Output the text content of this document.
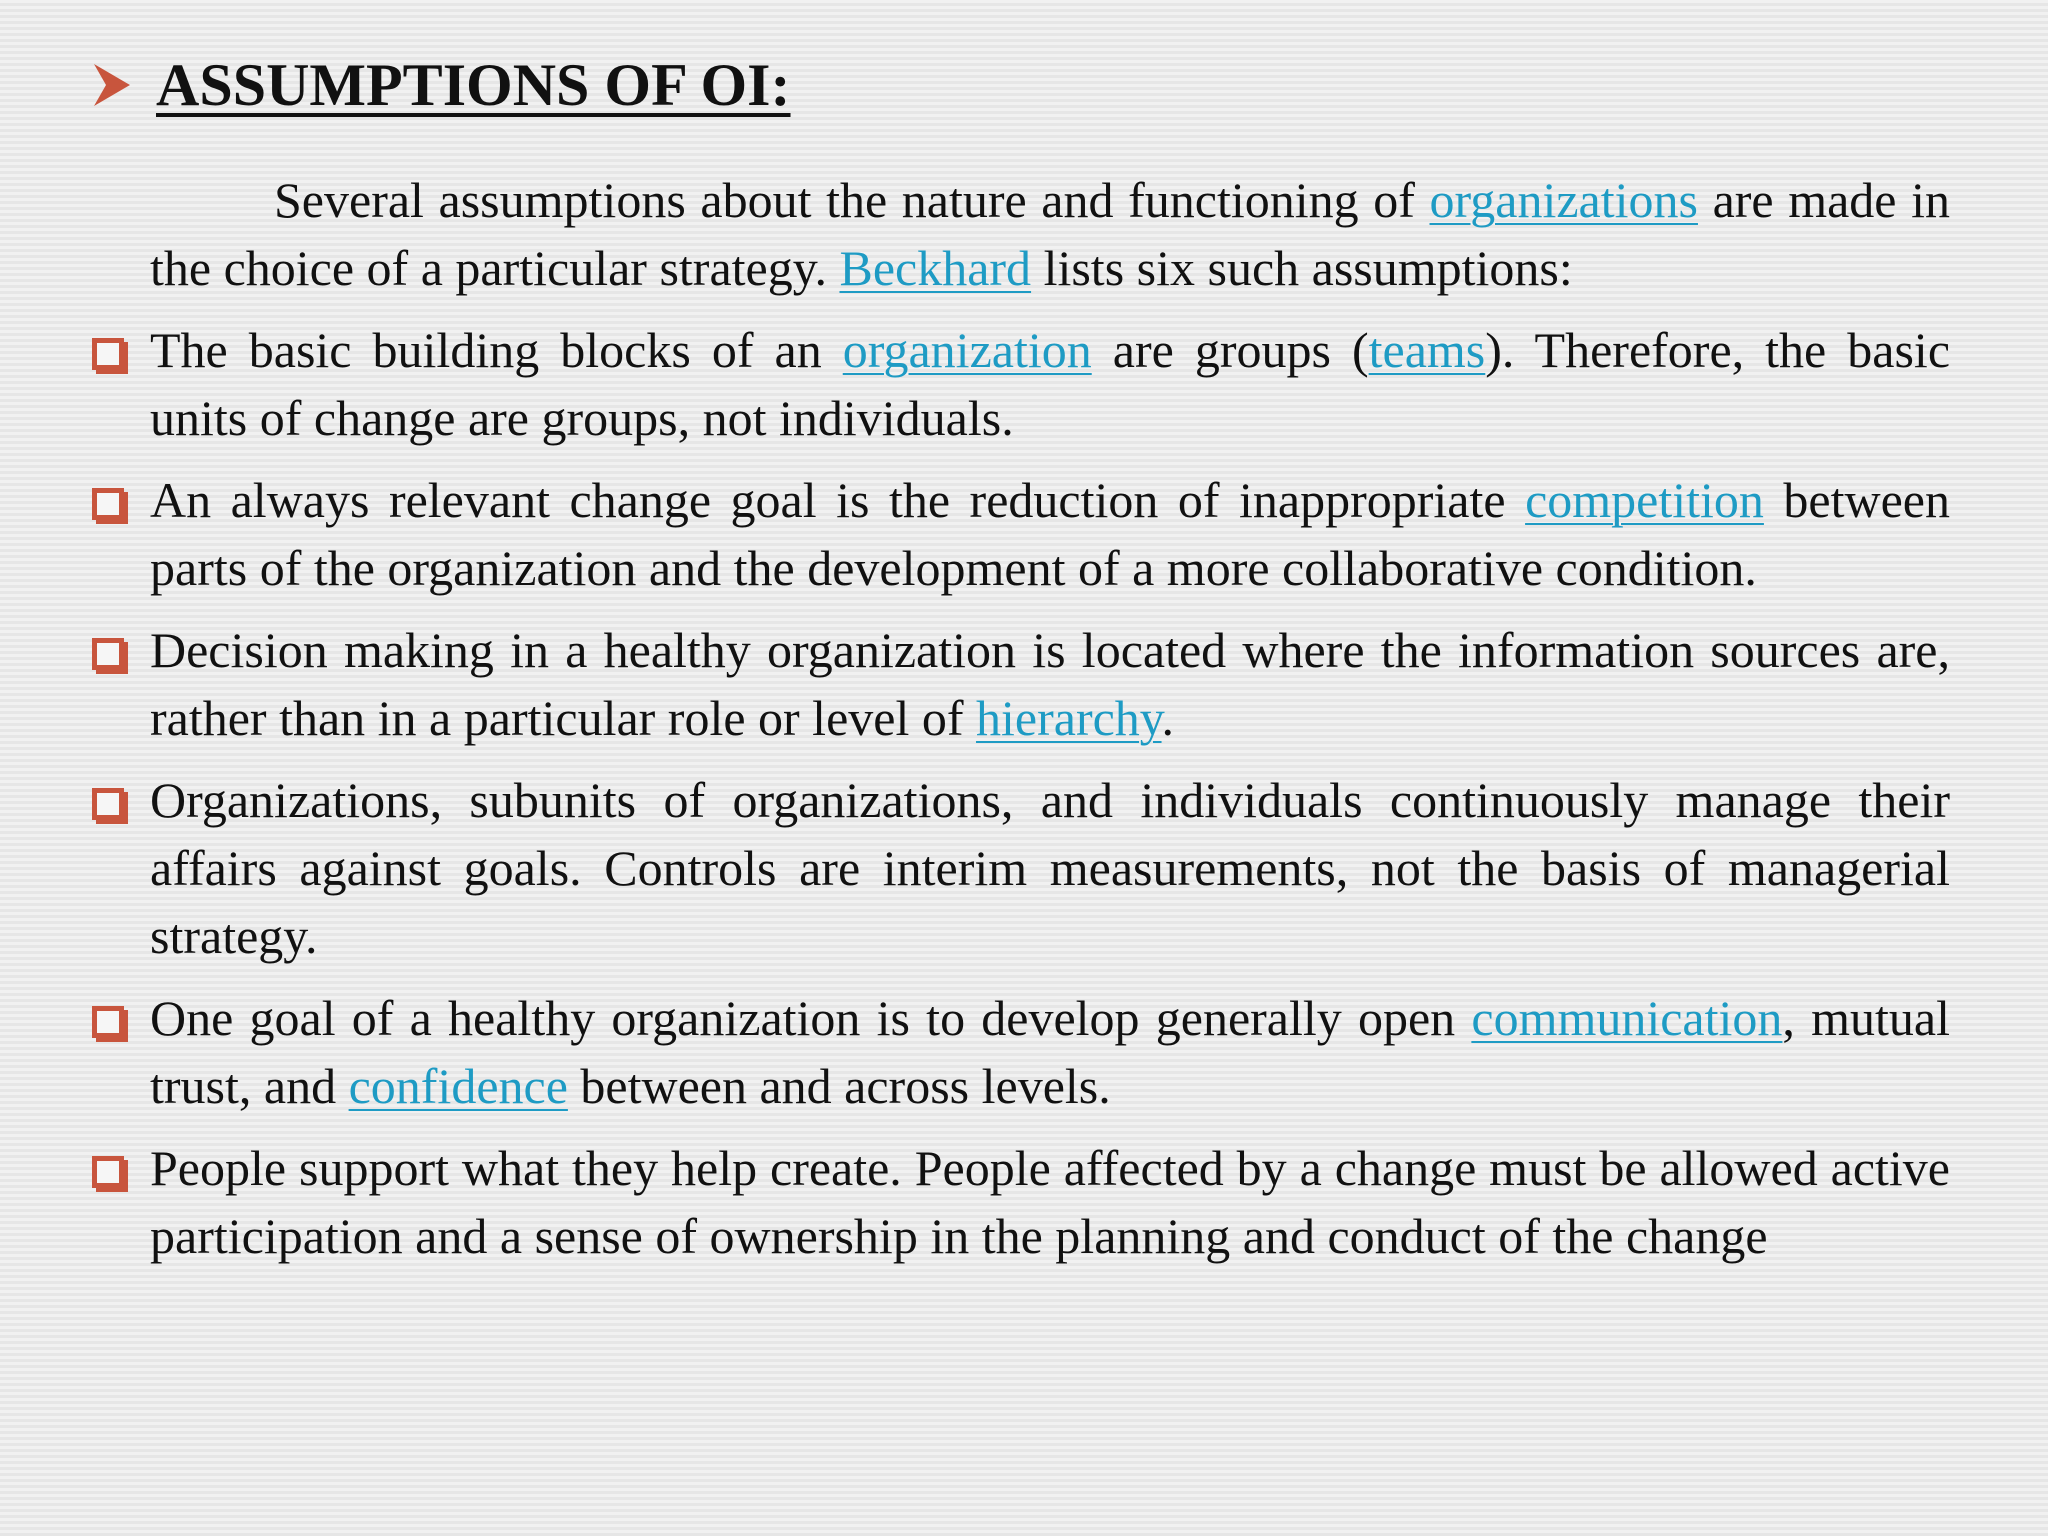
ASSUMPTIONS OF OI:

Several assumptions about the nature and functioning of organizations are made in the choice of a particular strategy. Beckhard lists six such assumptions:

The basic building blocks of an organization are groups (teams). Therefore, the basic units of change are groups, not individuals.
An always relevant change goal is the reduction of inappropriate competition between parts of the organization and the development of a more collaborative condition.
Decision making in a healthy organization is located where the information sources are, rather than in a particular role or level of hierarchy.
Organizations, subunits of organizations, and individuals continuously manage their affairs against goals. Controls are interim measurements, not the basis of managerial strategy.
One goal of a healthy organization is to develop generally open communication, mutual trust, and confidence between and across levels.
People support what they help create. People affected by a change must be allowed active participation and a sense of ownership in the planning and conduct of the change
